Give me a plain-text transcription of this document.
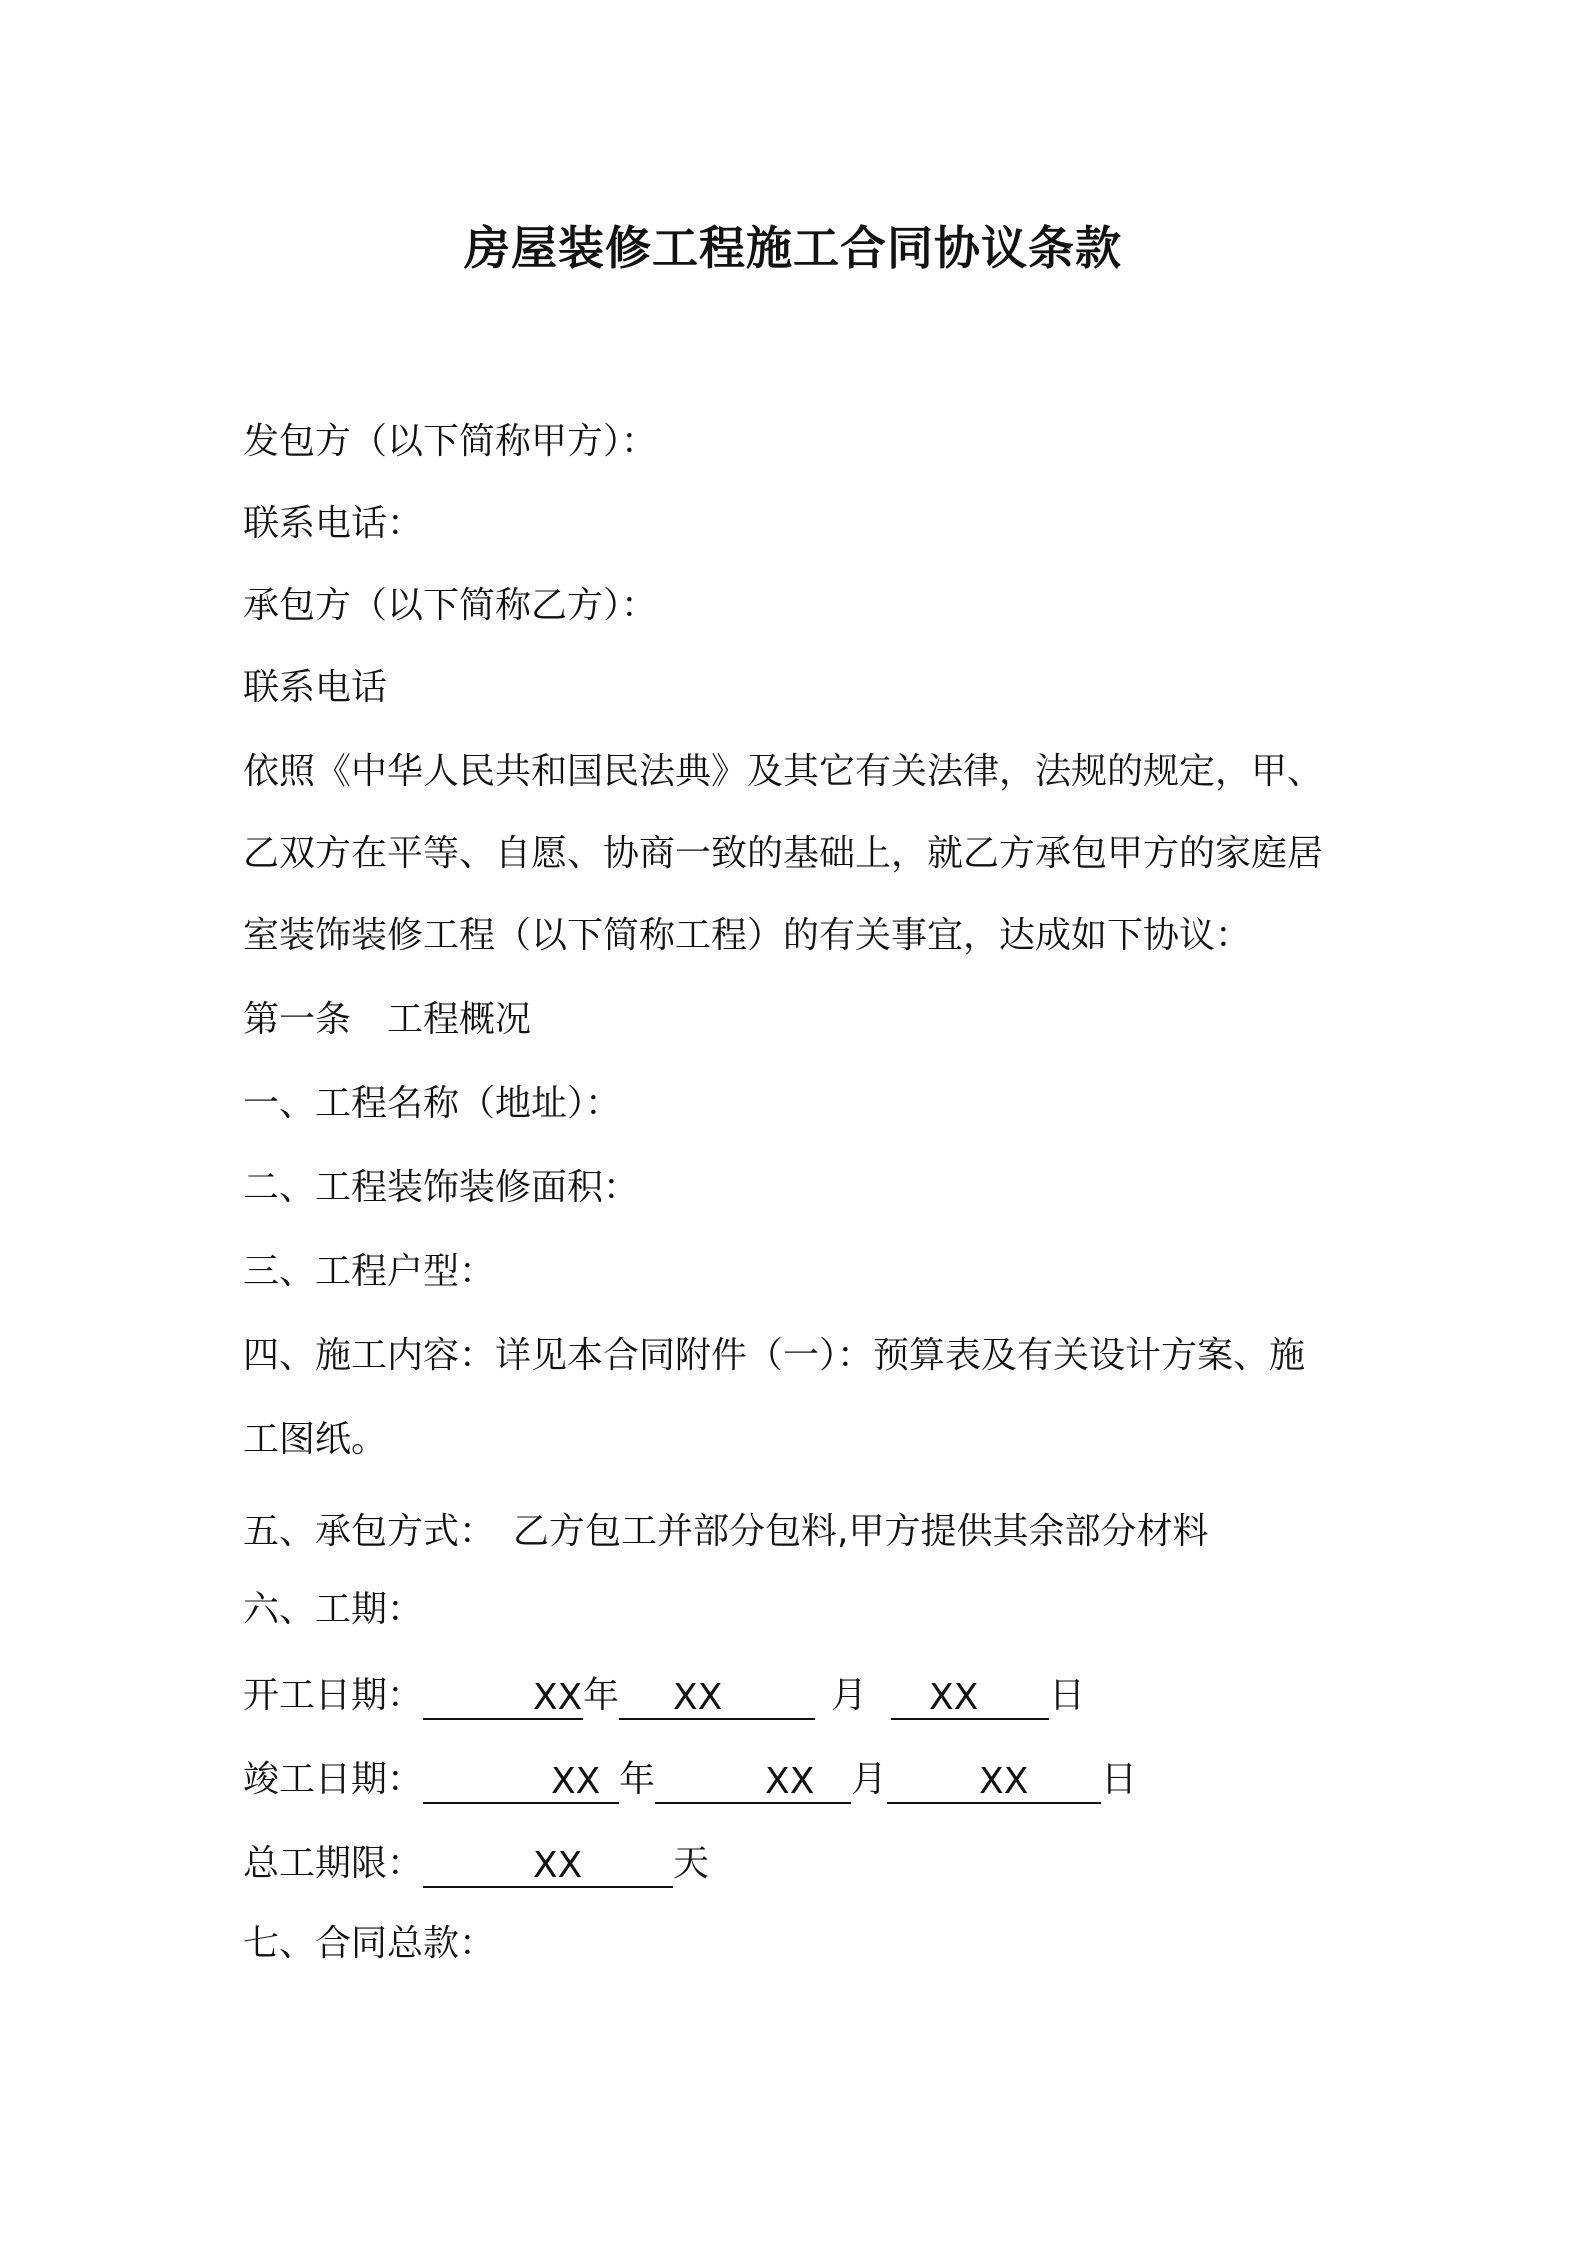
房屋装修工程施工合同协议条款
发包方（以下简称甲方）：
联系电话：
承包方（以下简称乙方）：
联系电话
依照《中华人民共和国民法典》及其它有关法律，法规的规定，甲、
乙双方在平等、自愿、协商一致的基础上，就乙方承包甲方的家庭居
室装饰装修工程（以下简称工程）的有关事宜，达成如下协议：
第一条　工程概况
一、工程名称（地址）：
二、工程装饰装修面积：
三、工程户型：
四、施工内容：详见本合同附件（一）：预算表及有关设计方案、施
工图纸。
五、承包方式：　乙方包工并部分包料,甲方提供其余部分材料
六、工期：
开工日期：	XX 年 XX	月 XX 日
竣工日期：	XX 年	XX 月	XX 日
总工期限：	XX	天
七、合同总款：
